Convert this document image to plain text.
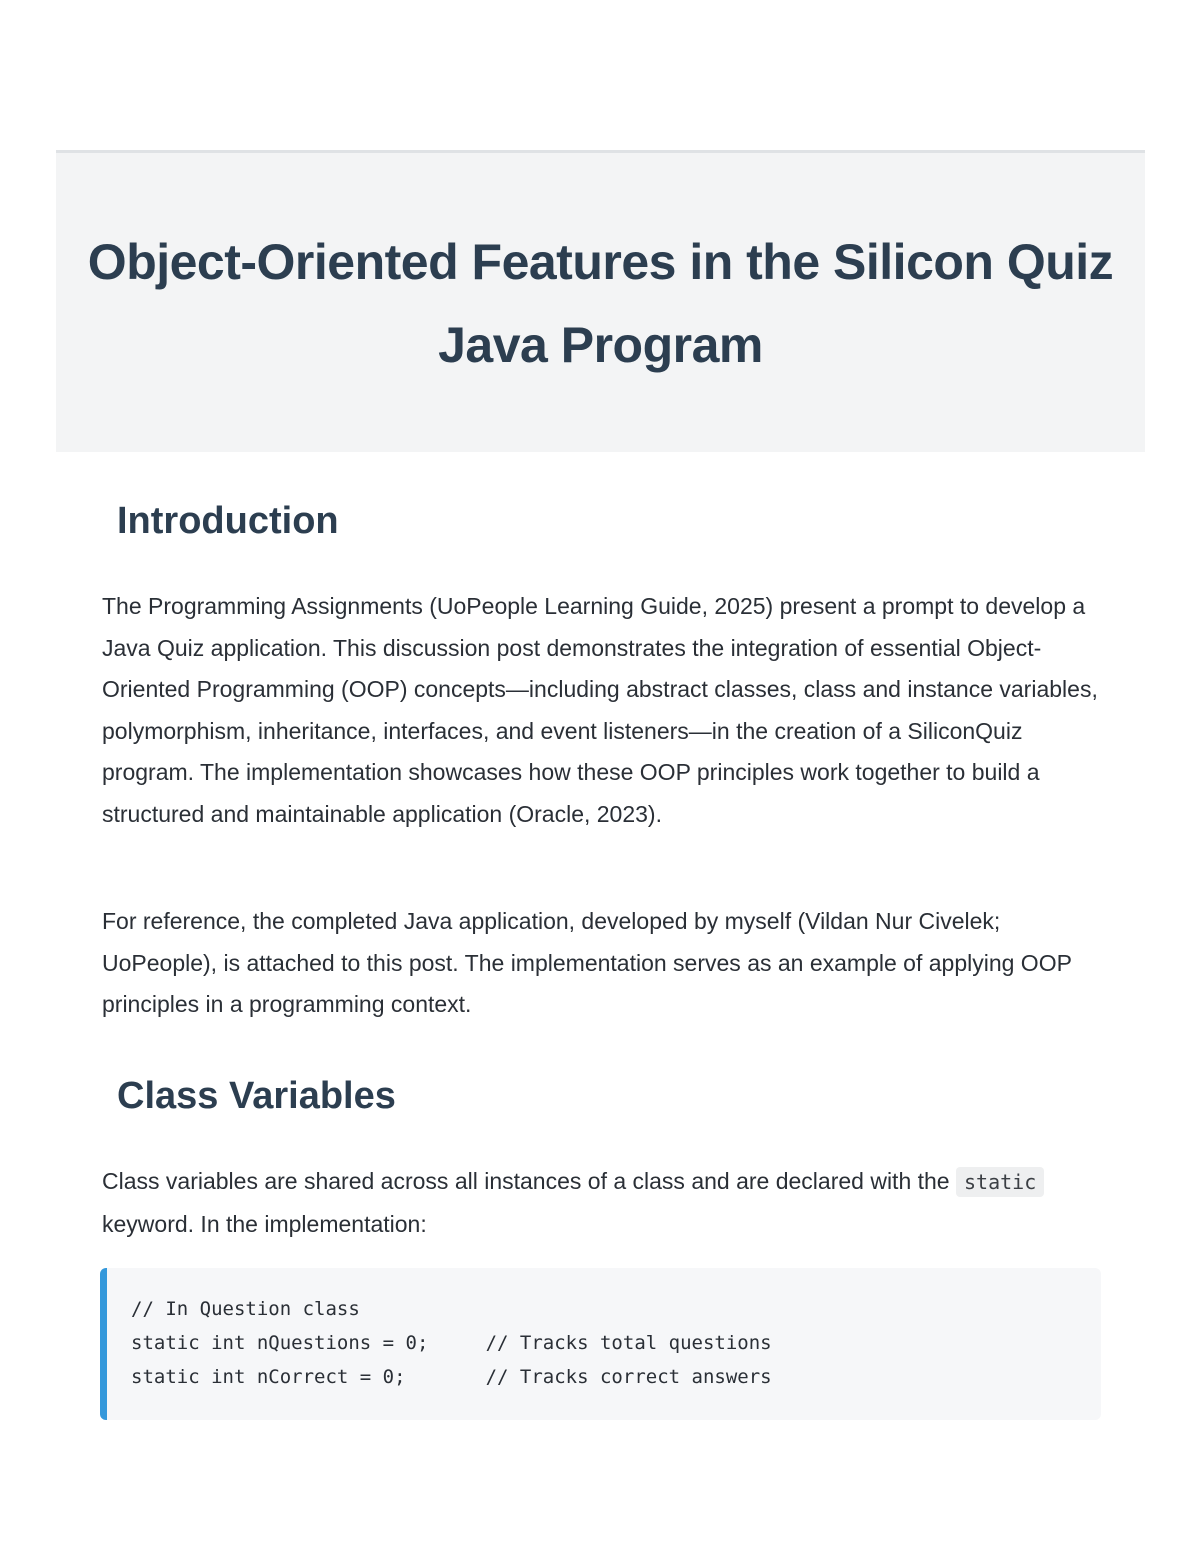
Object-Oriented Features in the Silicon Quiz Java Program
Introduction

The Programming Assignments (UoPeople Learning Guide, 2025) present a prompt to develop a Java Quiz application. This discussion post demonstrates the integration of essential Object-Oriented Programming (OOP) concepts—including abstract classes, class and instance variables, polymorphism, inheritance, interfaces, and event listeners—in the creation of a SiliconQuiz program. The implementation showcases how these OOP principles work together to build a structured and maintainable application (Oracle, 2023).

For reference, the completed Java application, developed by myself (Vildan Nur Civelek; UoPeople), is attached to this post. The implementation serves as an example of applying OOP principles in a programming context.

Class Variables

Class variables are shared across all instances of a class and are declared with the static keyword. In the implementation:

// In Question class
static int nQuestions = 0;     // Tracks total questions
static int nCorrect = 0;       // Tracks correct answers
